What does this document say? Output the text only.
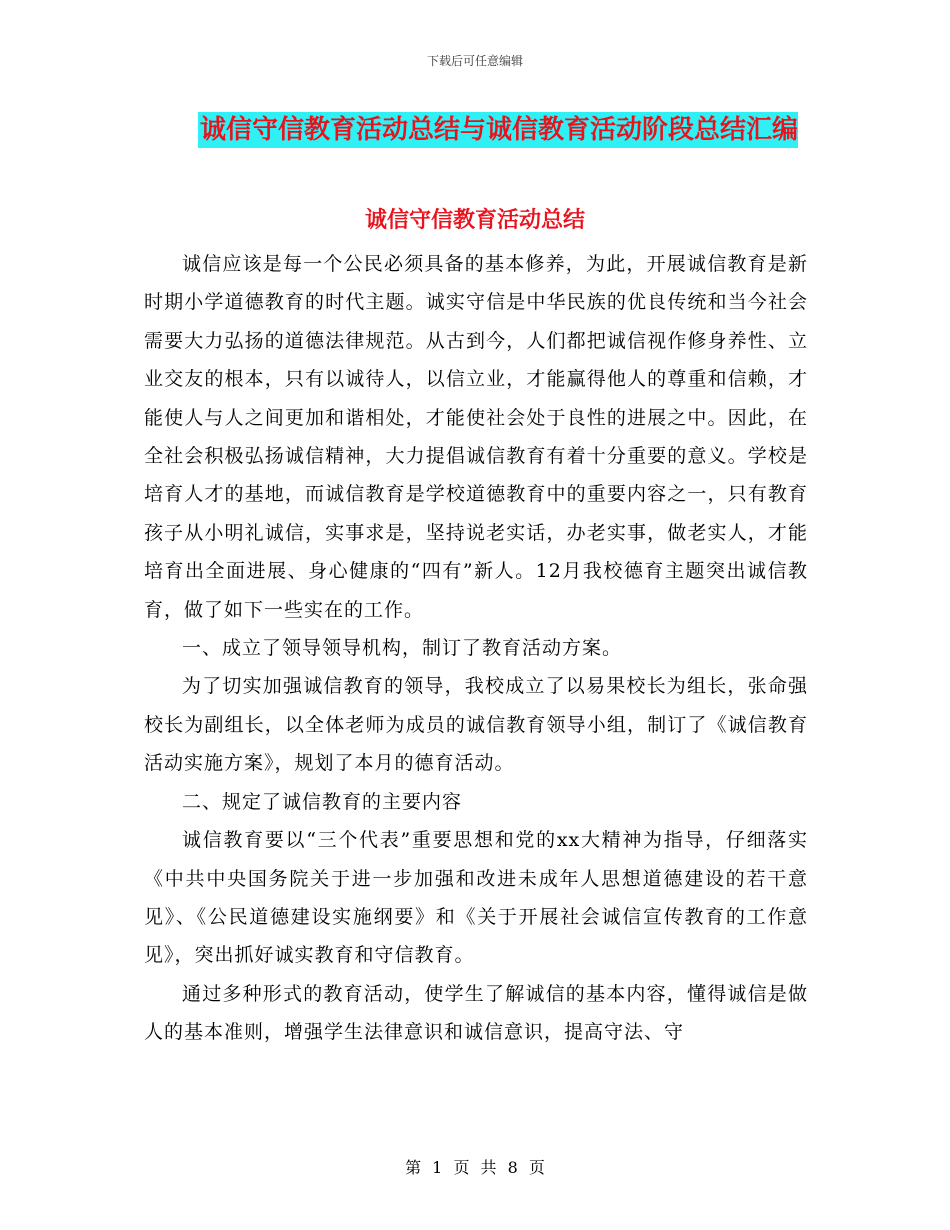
下载后可任意编辑
诚信守信教育活动总结与诚信教育活动阶段总结汇编
诚信守信教育活动总结

诚信应该是每一个公民必须具备的基本修养，为此，开展诚信教育是新时期小学道德教育的时代主题。诚实守信是中华民族的优良传统和当今社会需要大力弘扬的道德法律规范。从古到今，人们都把诚信视作修身养性、立业交友的根本，只有以诚待人，以信立业，才能赢得他人的尊重和信赖，才能使人与人之间更加和谐相处，才能使社会处于良性的进展之中。因此，在全社会积极弘扬诚信精神，大力提倡诚信教育有着十分重要的意义。学校是培育人才的基地，而诚信教育是学校道德教育中的重要内容之一，只有教育孩子从小明礼诚信，实事求是，坚持说老实话，办老实事，做老实人，才能培育出全面进展、身心健康的“四有”新人。12月我校德育主题突出诚信教育，做了如下一些实在的工作。

一、成立了领导领导机构，制订了教育活动方案。

为了切实加强诚信教育的领导，我校成立了以易果校长为组长，张命强校长为副组长，以全体老师为成员的诚信教育领导小组，制订了《诚信教育活动实施方案》，规划了本月的德育活动。

二、规定了诚信教育的主要内容

诚信教育要以“三个代表”重要思想和党的xx大精神为指导，仔细落实《中共中央国务院关于进一步加强和改进未成年人思想道德建设的若干意见》、《公民道德建设实施纲要》和《关于开展社会诚信宣传教育的工作意见》，突出抓好诚实教育和守信教育。

通过多种形式的教育活动，使学生了解诚信的基本内容，懂得诚信是做人的基本准则，增强学生法律意识和诚信意识，提高守法、守

第 1 页 共 8 页
